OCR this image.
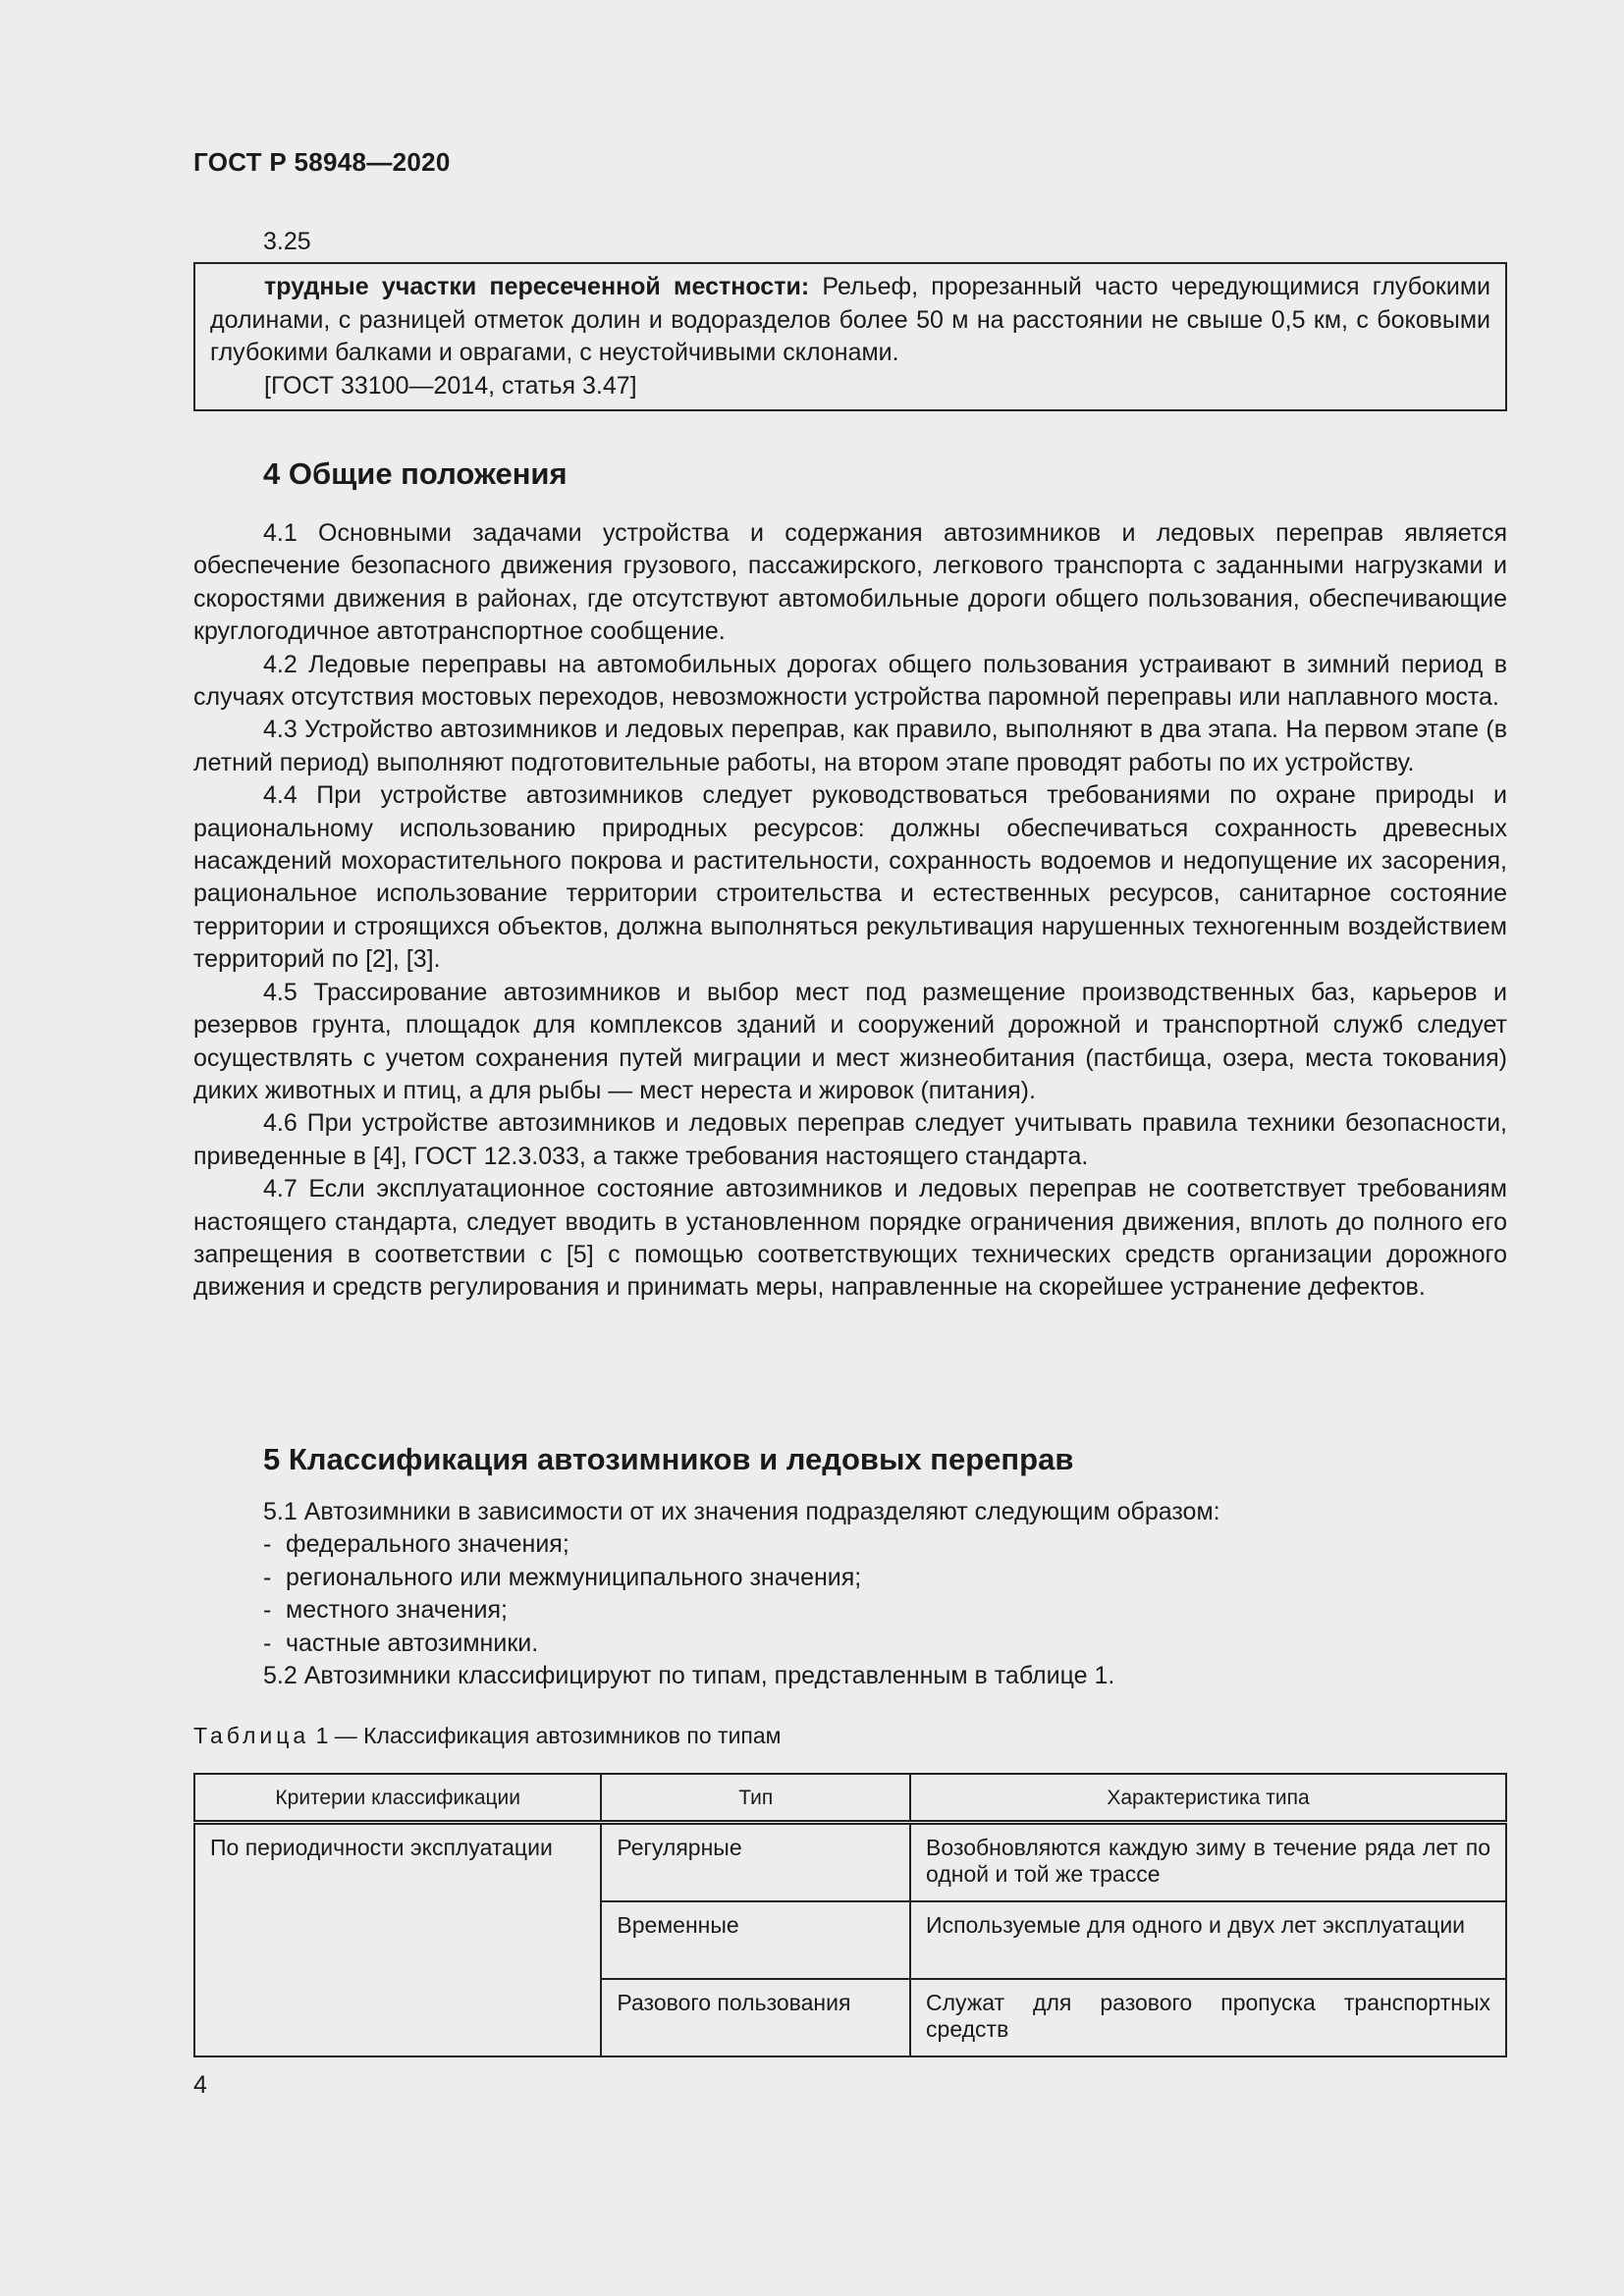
ГОСТ Р 58948—2020
3.25

трудные участки пересеченной местности: Рельеф, прорезанный часто чередующимися глубокими долинами, с разницей отметок долин и водоразделов более 50 м на расстоянии не свыше 0,5 км, с боковыми глубокими балками и оврагами, с неустойчивыми склонами.

[ГОСТ 33100—2014, статья 3.47]

4 Общие положения

4.1 Основными задачами устройства и содержания автозимников и ледовых переправ является обеспечение безопасного движения грузового, пассажирского, легкового транспорта с заданными нагрузками и скоростями движения в районах, где отсутствуют автомобильные дороги общего пользования, обеспечивающие круглогодичное автотранспортное сообщение.

4.2 Ледовые переправы на автомобильных дорогах общего пользования устраивают в зимний период в случаях отсутствия мостовых переходов, невозможности устройства паромной переправы или наплавного моста.

4.3 Устройство автозимников и ледовых переправ, как правило, выполняют в два этапа. На первом этапе (в летний период) выполняют подготовительные работы, на втором этапе проводят работы по их устройству.

4.4 При устройстве автозимников следует руководствоваться требованиями по охране природы и рациональному использованию природных ресурсов: должны обеспечиваться сохранность древесных насаждений мохорастительного покрова и растительности, сохранность водоемов и недопущение их засорения, рациональное использование территории строительства и естественных ресурсов, санитарное состояние территории и строящихся объектов, должна выполняться рекультивация нарушенных техногенным воздействием территорий по [2], [3].

4.5 Трассирование автозимников и выбор мест под размещение производственных баз, карьеров и резервов грунта, площадок для комплексов зданий и сооружений дорожной и транспортной служб следует осуществлять с учетом сохранения путей миграции и мест жизнеобитания (пастбища, озера, места токования) диких животных и птиц, а для рыбы — мест нереста и жировок (питания).

4.6 При устройстве автозимников и ледовых переправ следует учитывать правила техники безопасности, приведенные в [4], ГОСТ 12.3.033, а также требования настоящего стандарта.

4.7 Если эксплуатационное состояние автозимников и ледовых переправ не соответствует требованиям настоящего стандарта, следует вводить в установленном порядке ограничения движения, вплоть до полного его запрещения в соответствии с [5] с помощью соответствующих технических средств организации дорожного движения и средств регулирования и принимать меры, направленные на скорейшее устранение дефектов.

5 Классификация автозимников и ледовых переправ
5.1 Автозимники в зависимости от их значения подразделяют следующим образом:
- федерального значения;
- регионального или межмуниципального значения;
- местного значения;
- частные автозимники.
5.2 Автозимники классифицируют по типам, представленным в таблице 1.
Таблица 1 — Классификация автозимников по типам
Критерии классификации	Тип	Характеристика типа
По периодичности эксплуатации	Регулярные	Возобновляются каждую зиму в течение ряда лет по одной и той же трассе
	Временные	Используемые для одного и двух лет эксплуатации
	Разового пользования	Служат для разового пропуска транспортных средств
4
